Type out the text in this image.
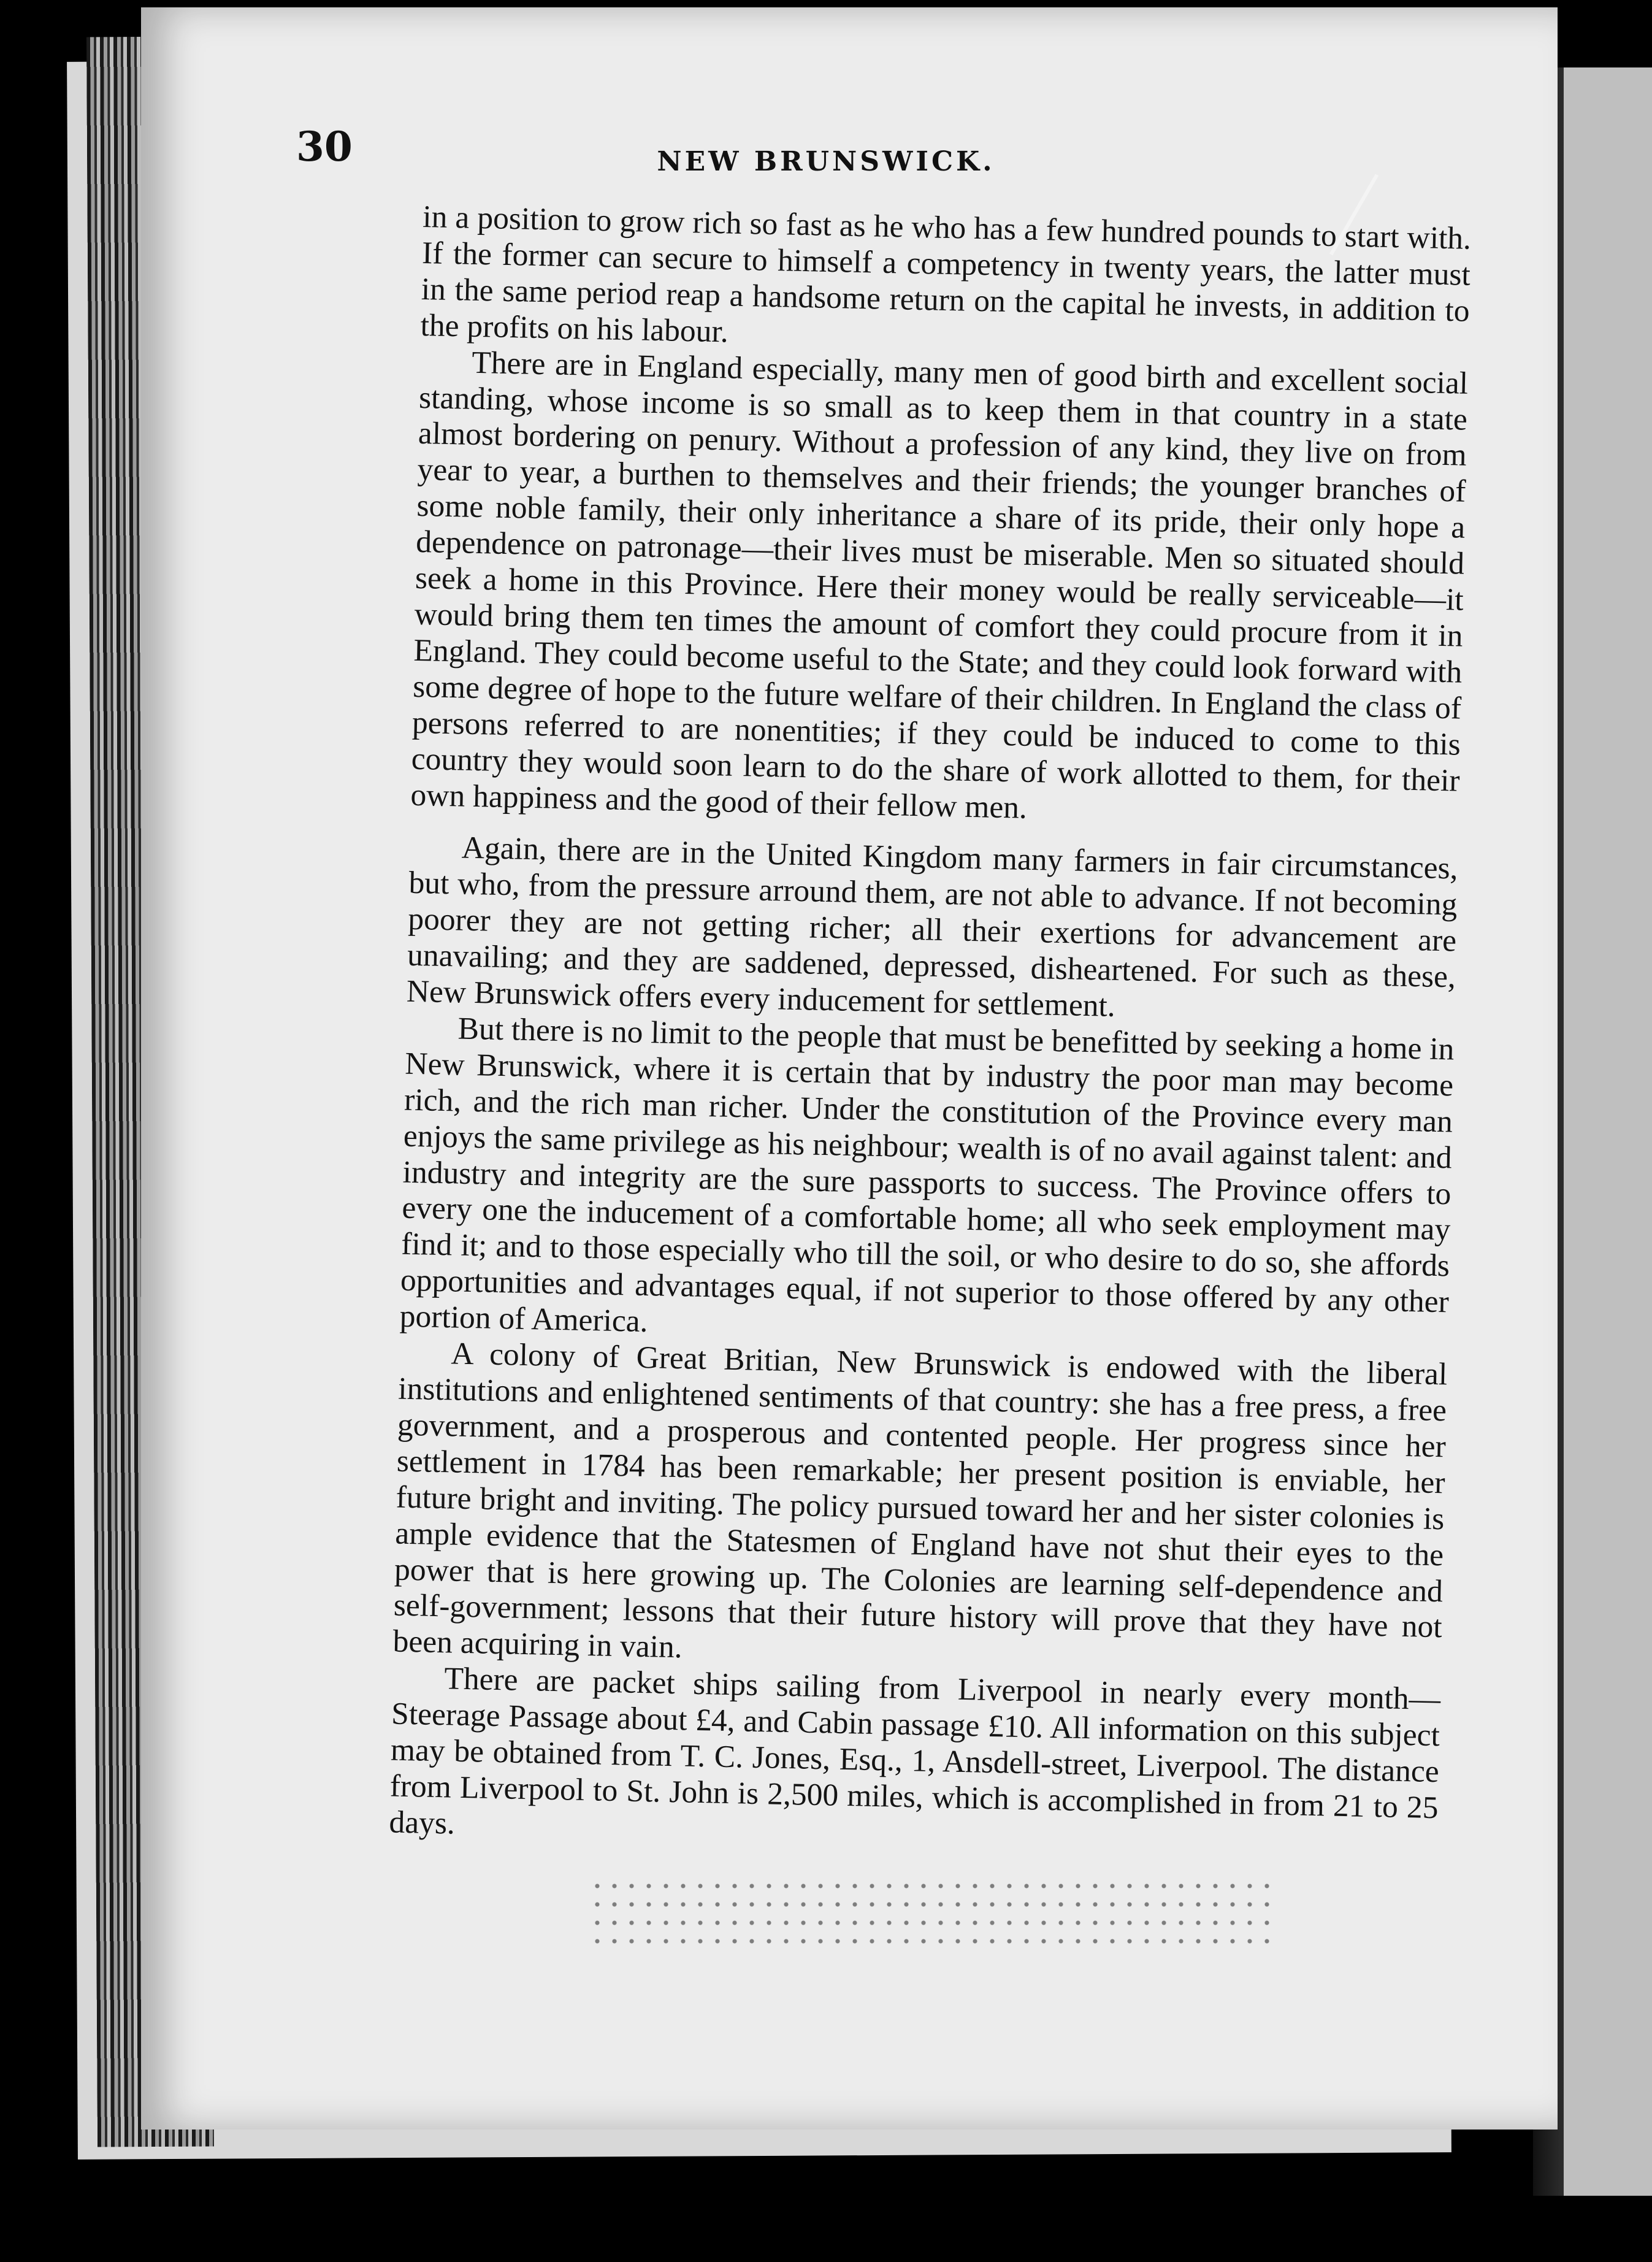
30	NEW BRUNSWICK.

in a position to grow rich so fast as he who has a few hundred pounds to start with. If the former can secure to himself a competency in twenty years, the latter must in the same period reap a handsome return on the capital he invests, in addition to the profits on his labour.

There are in England especially, many men of good birth and excellent social standing, whose income is so small as to keep them in that country in a state almost bordering on penury. Without a profession of any kind, they live on from year to year, a burthen to themselves and their friends; the younger branches of some noble family, their only inheritance a share of its pride, their only hope a dependence on patronage—their lives must be miserable. Men so situated should seek a home in this Province. Here their money would be really serviceable—it would bring them ten times the amount of comfort they could procure from it in England. They could become useful to the State; and they could look forward with some degree of hope to the future welfare of their children. In England the class of persons referred to are nonentities; if they could be induced to come to this country they would soon learn to do the share of work allotted to them, for their own happiness and the good of their fellow men.

Again, there are in the United Kingdom many farmers in fair circumstances, but who, from the pressure arround them, are not able to advance. If not becoming poorer they are not getting richer; all their exertions for advancement are unavailing; and they are saddened, depressed, disheartened. For such as these, New Brunswick offers every inducement for settlement.

But there is no limit to the people that must be benefitted by seeking a home in New Brunswick, where it is certain that by industry the poor man may become rich, and the rich man richer. Under the constitution of the Province every man enjoys the same privilege as his neighbour; wealth is of no avail against talent: and industry and integrity are the sure passports to success. The Province offers to every one the inducement of a comfortable home; all who seek employment may find it; and to those especially who till the soil, or who desire to do so, she affords opportunities and advantages equal, if not superior to those offered by any other portion of America.

A colony of Great Britian, New Brunswick is endowed with the liberal institutions and enlightened sentiments of that country: she has a free press, a free government, and a prosperous and contented people. Her progress since her settlement in 1784 has been remarkable; her present position is enviable, her future bright and inviting. The policy pursued toward her and her sister colonies is ample evidence that the Statesmen of England have not shut their eyes to the power that is here growing up. The Colonies are learning self-dependence and self-government; lessons that their future history will prove that they have not been acquiring in vain.

There are packet ships sailing from Liverpool in nearly every month—Steerage Passage about £4, and Cabin passage £10. All information on this subject may be obtained from T. C. Jones, Esq., 1, Ansdell-street, Liverpool. The distance from Liverpool to St. John is 2,500 miles, which is accomplished in from 21 to 25 days.
